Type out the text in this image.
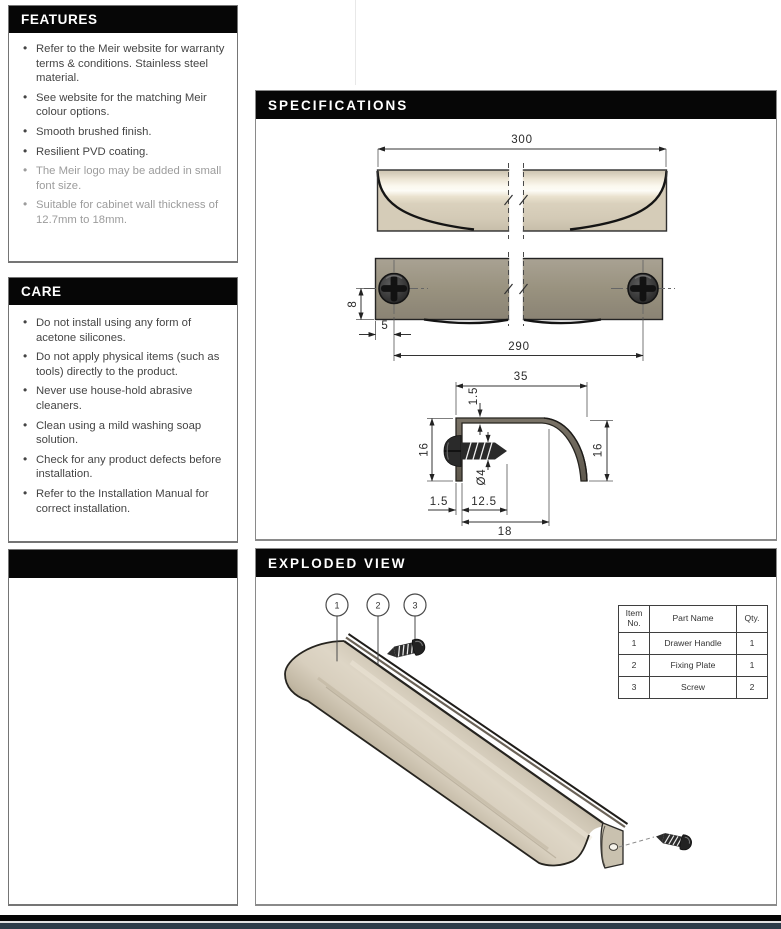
FEATURES
• Refer to the Meir website for warranty terms & conditions. Stainless steel material.
• See website for the matching Meir colour options.
• Smooth brushed finish.
• Resilient PVD coating.
• The Meir logo may be added in small font size.
• Suitable for cabinet wall thickness of 12.7mm to 18mm.
CARE
• Do not install using any form of acetone silicones.
• Do not apply physical items (such as tools) directly to the product.
• Never use house-hold abrasive cleaners.
• Clean using a mild washing soap solution.
• Check for any product defects before installation.
• Refer to the Installation Manual for correct installation.
SPECIFICATIONS
300
8
5
290
35
1.5
16
Ø4
1.5 12.5
18
16
EXPLODED VIEW
1	2	3
Item No.	Part Name	Qty.
1	Drawer Handle	1
2	Fixing Plate	1
3	Screw	2
